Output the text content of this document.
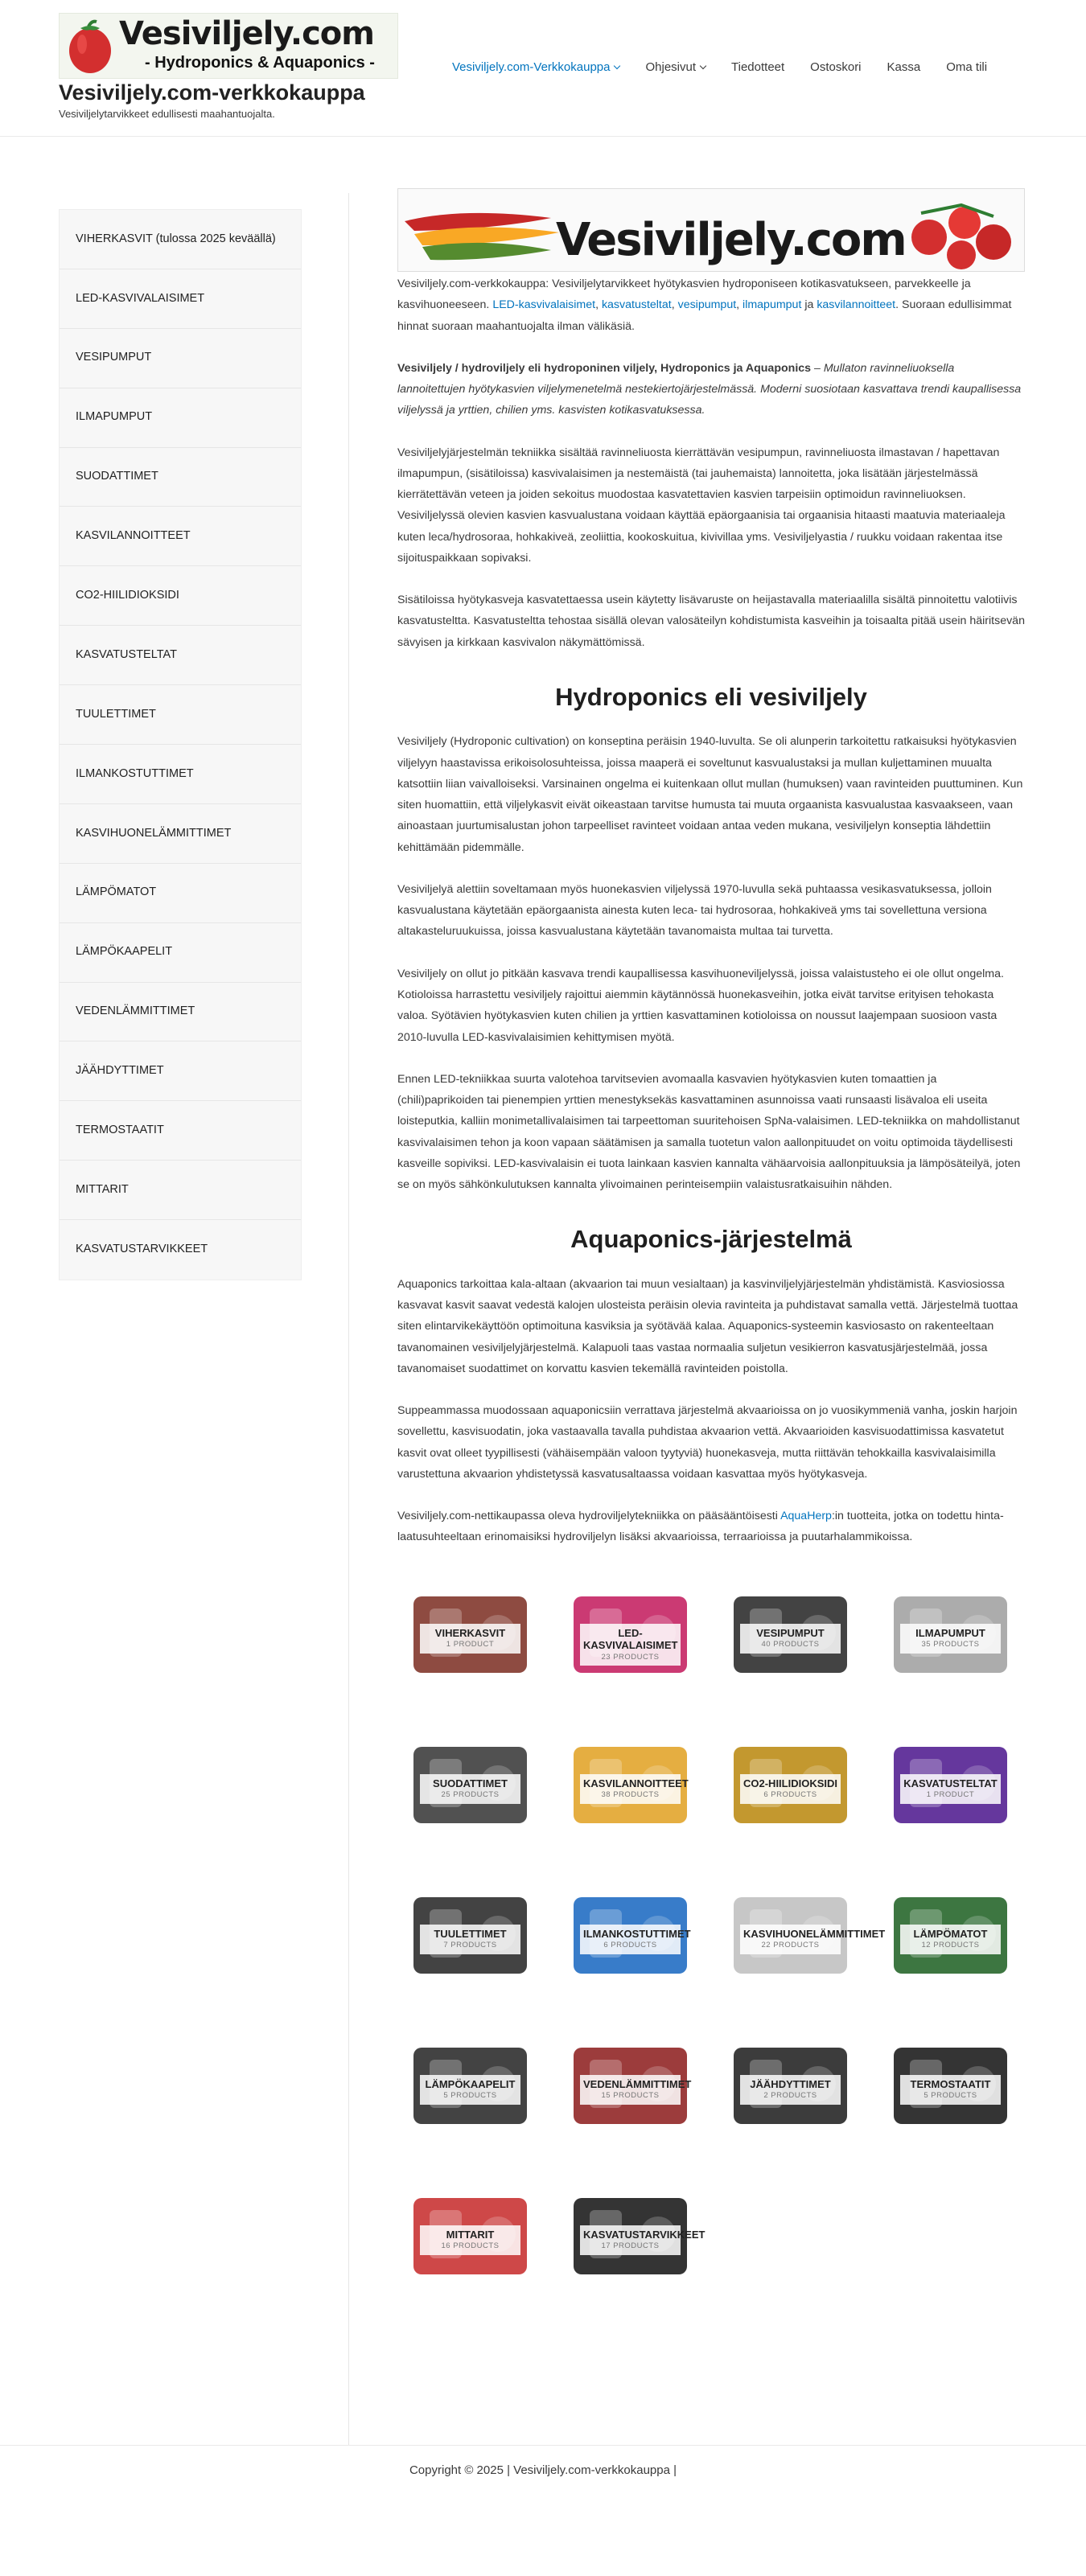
Vesiviljely.com
- Hydroponics & Aquaponics -
Vesiviljely.com-verkkokauppa
Vesiviljelytarvikkeet edullisesti maahantuojalta.
Vesiviljely.com-Verkkokauppa	Ohjesivut	Tiedotteet	Ostoskori	Kassa	Oma tili
VIHERKASVIT (tulossa 2025 keväällä)
LED-KASVIVALAISIMET
VESIPUMPUT
ILMAPUMPUT
SUODATTIMET
KASVILANNOITTEET
CO2-HIILIDIOKSIDI
KASVATUSTELTAT
TUULETTIMET
ILMANKOSTUTTIMET
KASVIHUONELÄMMITTIMET
LÄMPÖMATOT
LÄMPÖKAAPELIT
VEDENLÄMMITTIMET
JÄÄHDYTTIMET
TERMOSTAATIT
MITTARIT
KASVATUSTARVIKKEET
Vesiviljely.com

Vesiviljely.com-verkkokauppa: Vesiviljelytarvikkeet hyötykasvien hydroponiseen kotikasvatukseen, parvekkeelle ja kasvihuoneeseen. LED-kasvivalaisimet, kasvatusteltat, vesipumput, ilmapumput ja kasvilannoitteet. Suoraan edullisimmat hinnat suoraan maahantuojalta ilman välikäsiä.

Vesiviljely / hydroviljely eli hydroponinen viljely, Hydroponics ja Aquaponics – Mullaton ravinneliuoksella lannoitettujen hyötykasvien viljelymenetelmä nestekiertojärjestelmässä. Moderni suosiotaan kasvattava trendi kaupallisessa viljelyssä ja yrttien, chilien yms. kasvisten kotikasvatuksessa.

Vesiviljelyjärjestelmän tekniikka sisältää ravinneliuosta kierrättävän vesipumpun, ravinneliuosta ilmastavan / hapettavan ilmapumpun, (sisätiloissa) kasvivalaisimen ja nestemäistä (tai jauhemaista) lannoitetta, joka lisätään järjestelmässä kierrätettävän veteen ja joiden sekoitus muodostaa kasvatettavien kasvien tarpeisiin optimoidun ravinneliuoksen. Vesiviljelyssä olevien kasvien kasvualustana voidaan käyttää epäorgaanisia tai orgaanisia hitaasti maatuvia materiaaleja kuten leca/hydrosoraa, hohkakiveä, zeoliittia, kookoskuitua, kivivillaa yms. Vesiviljelyastia / ruukku voidaan rakentaa itse sijoituspaikkaan sopivaksi.

Sisätiloissa hyötykasveja kasvatettaessa usein käytetty lisävaruste on heijastavalla materiaalilla sisältä pinnoitettu valotiivis kasvatusteltta. Kasvatusteltta tehostaa sisällä olevan valosäteilyn kohdistumista kasveihin ja toisaalta pitää usein häiritsevän sävyisen ja kirkkaan kasvivalon näkymättömissä.

Hydroponics eli vesiviljely

Vesiviljely (Hydroponic cultivation) on konseptina peräisin 1940-luvulta. Se oli alunperin tarkoitettu ratkaisuksi hyötykasvien viljelyyn haastavissa erikoisolosuhteissa, joissa maaperä ei soveltunut kasvualustaksi ja mullan kuljettaminen muualta katsottiin liian vaivalloiseksi. Varsinainen ongelma ei kuitenkaan ollut mullan (humuksen) vaan ravinteiden puuttuminen. Kun siten huomattiin, että viljelykasvit eivät oikeastaan tarvitse humusta tai muuta orgaanista kasvualustaa kasvaakseen, vaan ainoastaan juurtumisalustan johon tarpeelliset ravinteet voidaan antaa veden mukana, vesiviljelyn konseptia lähdettiin kehittämään pidemmälle.

Vesiviljelyä alettiin soveltamaan myös huonekasvien viljelyssä 1970-luvulla sekä puhtaassa vesikasvatuksessa, jolloin kasvualustana käytetään epäorgaanista ainesta kuten leca- tai hydrosoraa, hohkakiveä yms tai sovellettuna versiona altakasteluruukuissa, joissa kasvualustana käytetään tavanomaista multaa tai turvetta.

Vesiviljely on ollut jo pitkään kasvava trendi kaupallisessa kasvihuoneviljelyssä, joissa valaistusteho ei ole ollut ongelma. Kotioloissa harrastettu vesiviljely rajoittui aiemmin käytännössä huonekasveihin, jotka eivät tarvitse erityisen tehokasta valoa. Syötävien hyötykasvien kuten chilien ja yrttien kasvattaminen kotioloissa on noussut laajempaan suosioon vasta 2010-luvulla LED-kasvivalaisimien kehittymisen myötä.

Ennen LED-tekniikkaa suurta valotehoa tarvitsevien avomaalla kasvavien hyötykasvien kuten tomaattien ja (chili)paprikoiden tai pienempien yrttien menestyksekäs kasvattaminen asunnoissa vaati runsaasti lisävaloa eli useita loisteputkia, kalliin monimetallivalaisimen tai tarpeettoman suuritehoisen SpNa-valaisimen. LED-tekniikka on mahdollistanut kasvivalaisimen tehon ja koon vapaan säätämisen ja samalla tuotetun valon aallonpituudet on voitu optimoida täydellisesti kasveille sopiviksi. LED-kasvivalaisin ei tuota lainkaan kasvien kannalta vähäarvoisia aallonpituuksia ja lämpösäteilyä, joten se on myös sähkönkulutuksen kannalta ylivoimainen perinteisempiin valaistusratkaisuihin nähden.

Aquaponics-järjestelmä

Aquaponics tarkoittaa kala-altaan (akvaarion tai muun vesialtaan) ja kasvinviljelyjärjestelmän yhdistämistä. Kasviosiossa kasvavat kasvit saavat vedestä kalojen ulosteista peräisin olevia ravinteita ja puhdistavat samalla vettä. Järjestelmä tuottaa siten elintarvikekäyttöön optimoituna kasviksia ja syötävää kalaa. Aquaponics-systeemin kasviosasto on rakenteeltaan tavanomainen vesiviljelyjärjestelmä. Kalapuoli taas vastaa normaalia suljetun vesikierron kasvatusjärjestelmää, jossa tavanomaiset suodattimet on korvattu kasvien tekemällä ravinteiden poistolla.

Suppeammassa muodossaan aquaponicsiin verrattava järjestelmä akvaarioissa on jo vuosikymmeniä vanha, joskin harjoin sovellettu, kasvisuodatin, joka vastaavalla tavalla puhdistaa akvaarion vettä. Akvaarioiden kasvisuodattimissa kasvatetut kasvit ovat olleet tyypillisesti (vähäisempään valoon tyytyviä) huonekasveja, mutta riittävän tehokkailla kasvivalaisimilla varustettuna akvaarion yhdistetyssä kasvatusaltaassa voidaan kasvattaa myös hyötykasveja.

Vesiviljely.com-nettikaupassa oleva hydroviljelytekniikka on pääsääntöisesti AquaHerp:in tuotteita, jotka on todettu hinta-laatusuhteeltaan erinomaisiksi hydroviljelyn lisäksi akvaarioissa, terraarioissa ja puutarhalammikoissa.

VIHERKASVIT
1 PRODUCT
LED-KASVIVALAISIMET
23 PRODUCTS
VESIPUMPUT
40 PRODUCTS
ILMAPUMPUT
35 PRODUCTS
SUODATTIMET
25 PRODUCTS
KASVILANNOITTEET
38 PRODUCTS
CO2-HIILIDIOKSIDI
6 PRODUCTS
KASVATUSTELTAT
1 PRODUCT
TUULETTIMET
7 PRODUCTS
ILMANKOSTUTTIMET
6 PRODUCTS
KASVIHUONELÄMMITTIMET
22 PRODUCTS
LÄMPÖMATOT
12 PRODUCTS
LÄMPÖKAAPELIT
5 PRODUCTS
VEDENLÄMMITTIMET
15 PRODUCTS
JÄÄHDYTTIMET
2 PRODUCTS
TERMOSTAATIT
5 PRODUCTS
MITTARIT
16 PRODUCTS
KASVATUSTARVIKKEET
17 PRODUCTS
Copyright © 2025 | Vesiviljely.com-verkkokauppa |
